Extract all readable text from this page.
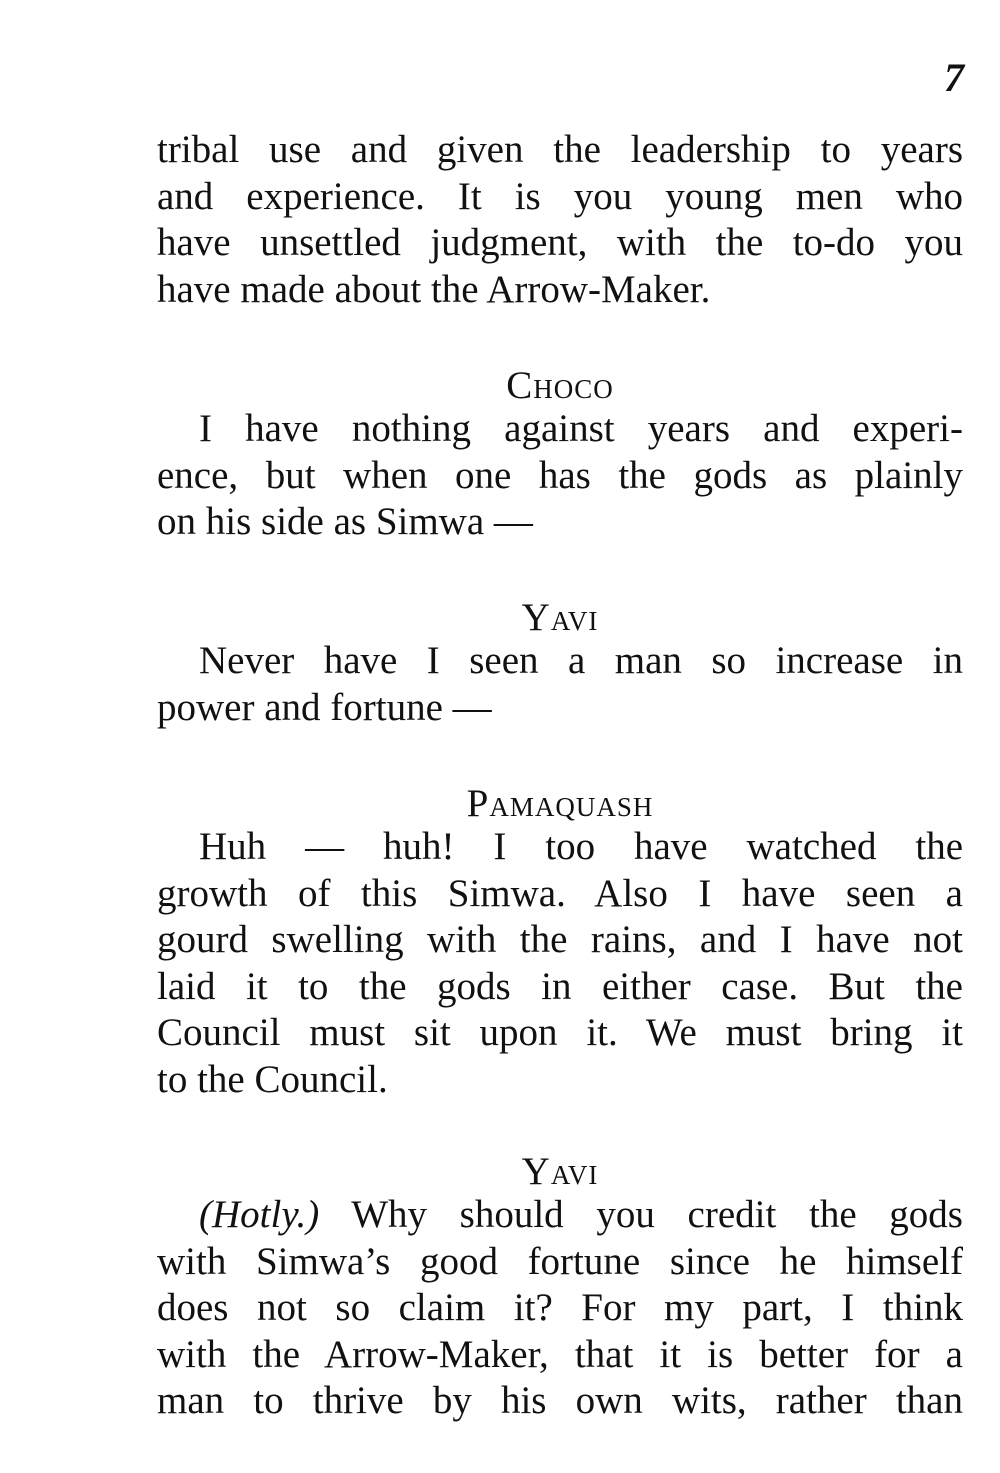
7
tribal use and given the leadership to years
and experience. It is you young men who
have unsettled judgment, with the to-do you
have made about the Arrow-Maker.
Choco
I have nothing against years and experi-
ence, but when one has the gods as plainly
on his side as Simwa —
Yavi
Never have I seen a man so increase in
power and fortune —
Pamaquash
Huh — huh! I too have watched the
growth of this Simwa. Also I have seen a
gourd swelling with the rains, and I have not
laid it to the gods in either case. But the
Council must sit upon it. We must bring it
to the Council.
Yavi
(Hotly.) Why should you credit the gods
with Simwa’s good fortune since he himself
does not so claim it? For my part, I think
with the Arrow-Maker, that it is better for a
man to thrive by his own wits, rather than
